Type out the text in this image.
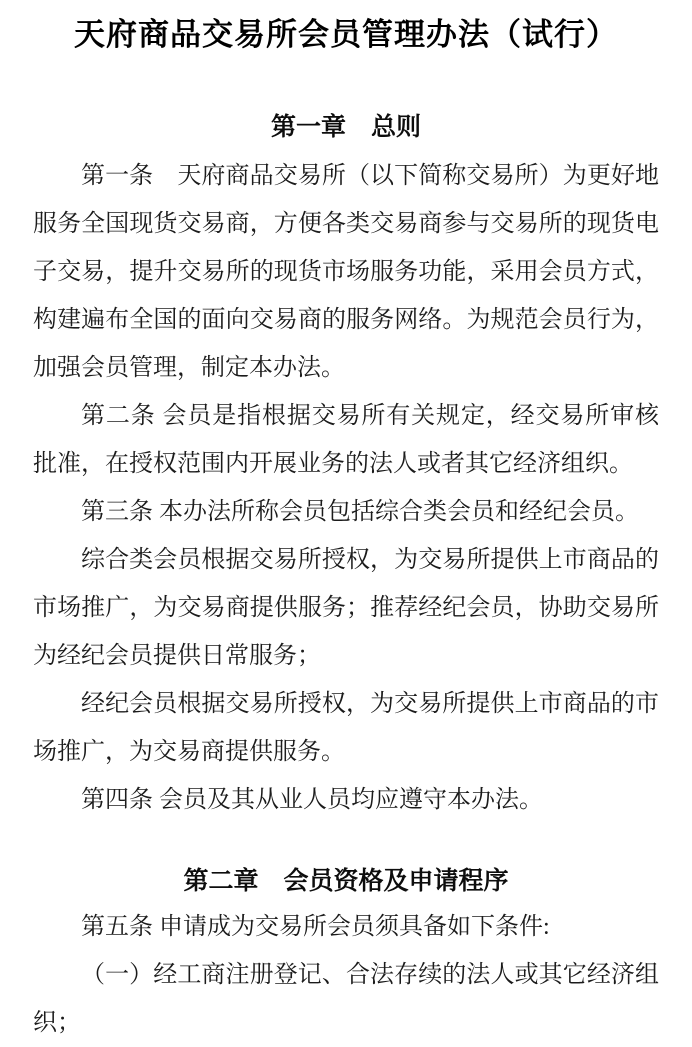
天府商品交易所会员管理办法（试行）
第一章　总则

第一条　天府商品交易所（以下简称交易所）为更好地服务全国现货交易商，方便各类交易商参与交易所的现货电子交易，提升交易所的现货市场服务功能，采用会员方式，构建遍布全国的面向交易商的服务网络。为规范会员行为，加强会员管理，制定本办法。

第二条 会员是指根据交易所有关规定，经交易所审核批准，在授权范围内开展业务的法人或者其它经济组织。

第三条 本办法所称会员包括综合类会员和经纪会员。

综合类会员根据交易所授权，为交易所提供上市商品的市场推广，为交易商提供服务；推荐经纪会员，协助交易所为经纪会员提供日常服务；

经纪会员根据交易所授权，为交易所提供上市商品的市场推广，为交易商提供服务。

第四条 会员及其从业人员均应遵守本办法。

第二章　会员资格及申请程序

第五条 申请成为交易所会员须具备如下条件:

（一）经工商注册登记、合法存续的法人或其它经济组织；
